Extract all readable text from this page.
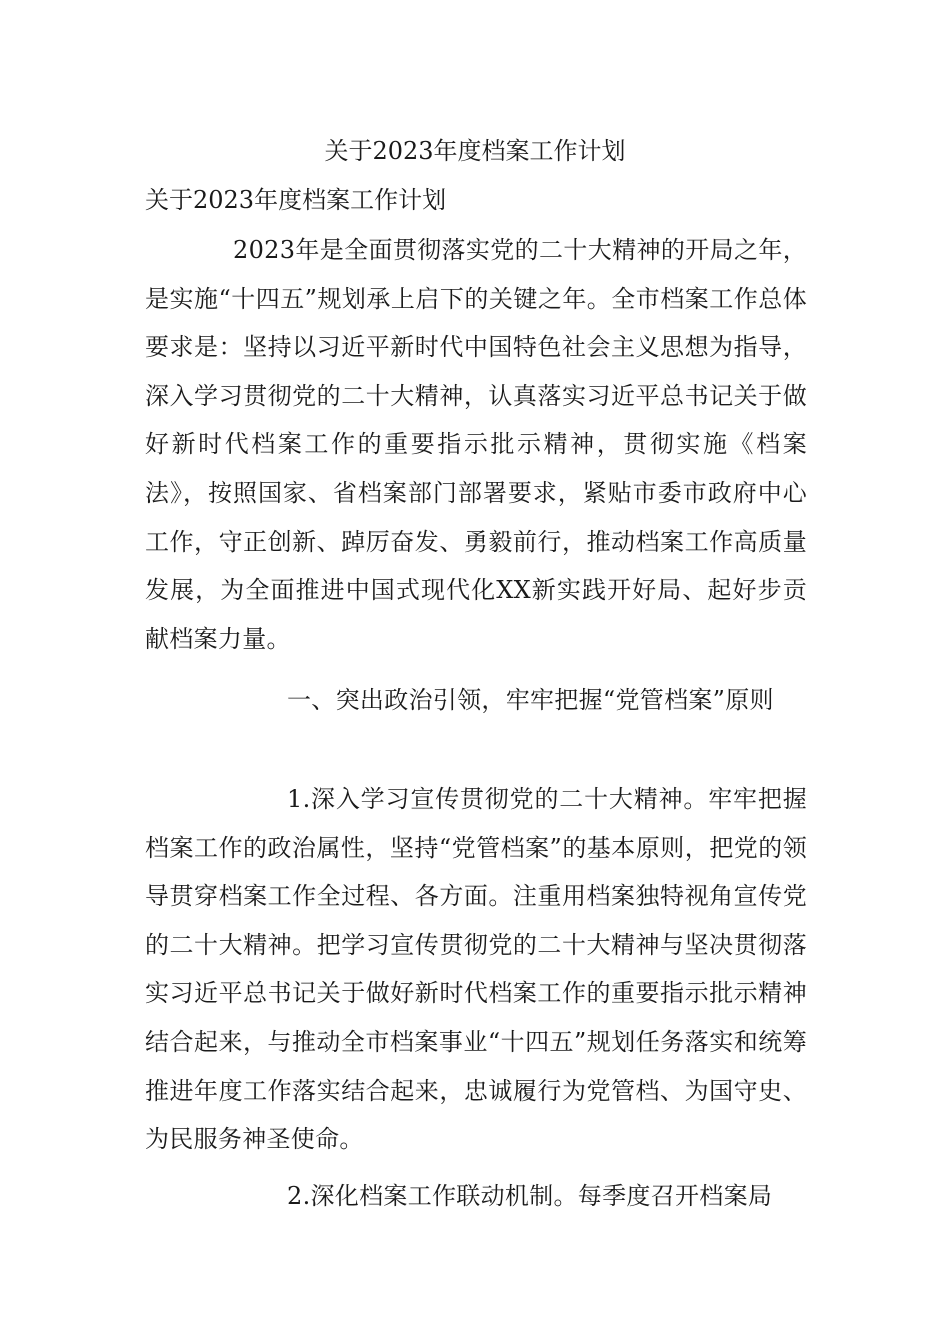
关于2023年度档案工作计划

关于2023年度档案工作计划

2023年是全面贯彻落实党的二十大精神的开局之年，是实施“十四五”规划承上启下的关键之年。全市档案工作总体要求是：坚持以习近平新时代中国特色社会主义思想为指导，深入学习贯彻党的二十大精神，认真落实习近平总书记关于做好新时代档案工作的重要指示批示精神，贯彻实施《档案法》，按照国家、省档案部门部署要求，紧贴市委市政府中心工作，守正创新、踔厉奋发、勇毅前行，推动档案工作高质量发展，为全面推进中国式现代化XX新实践开好局、起好步贡献档案力量。

一、突出政治引领，牢牢把握“党管档案”原则

1.深入学习宣传贯彻党的二十大精神。牢牢把握档案工作的政治属性，坚持“党管档案”的基本原则，把党的领导贯穿档案工作全过程、各方面。注重用档案独特视角宣传党的二十大精神。把学习宣传贯彻党的二十大精神与坚决贯彻落实习近平总书记关于做好新时代档案工作的重要指示批示精神结合起来，与推动全市档案事业“十四五”规划任务落实和统筹推进年度工作落实结合起来，忠诚履行为党管档、为国守史、为民服务神圣使命。

2.深化档案工作联动机制。每季度召开档案局
